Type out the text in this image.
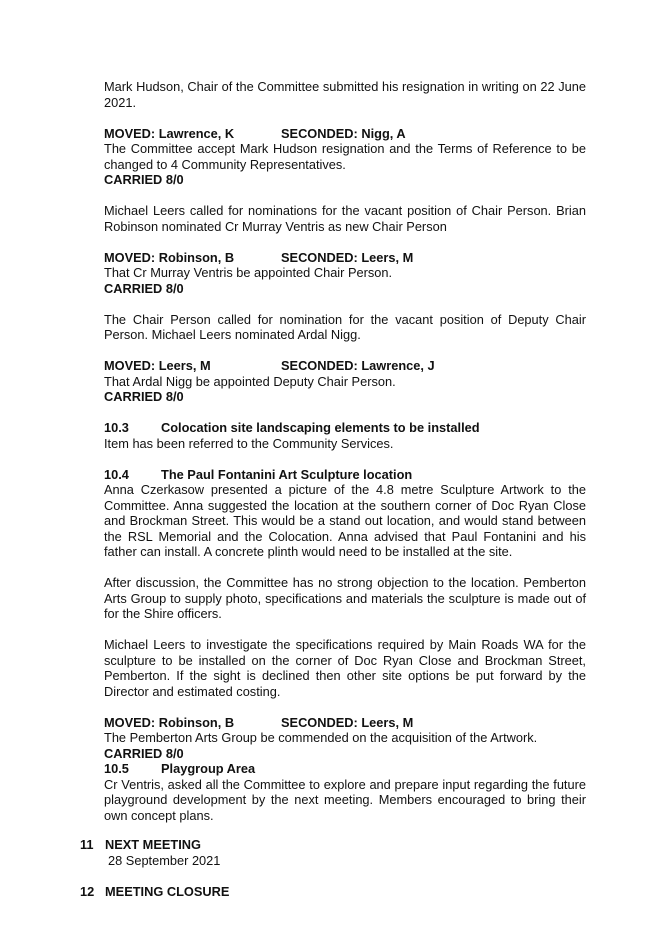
Mark Hudson, Chair of the Committee submitted his resignation in writing on 22 June 2021.

MOVED: Lawrence, K	SECONDED: Nigg, A

The Committee accept Mark Hudson resignation and the Terms of Reference to be changed to 4 Community Representatives.

CARRIED 8/0

Michael Leers called for nominations for the vacant position of Chair Person. Brian Robinson nominated Cr Murray Ventris as new Chair Person

MOVED: Robinson, B	SECONDED: Leers, M

That Cr Murray Ventris be appointed Chair Person.

CARRIED 8/0

The Chair Person called for nomination for the vacant position of Deputy Chair Person. Michael Leers nominated Ardal Nigg.

MOVED: Leers, M	SECONDED: Lawrence, J

That Ardal Nigg be appointed Deputy Chair Person.

CARRIED 8/0

10.3	Colocation site landscaping elements to be installed

Item has been referred to the Community Services.

10.4	The Paul Fontanini Art Sculpture location

Anna Czerkasow presented a picture of the 4.8 metre Sculpture Artwork to the Committee. Anna suggested the location at the southern corner of Doc Ryan Close and Brockman Street. This would be a stand out location, and would stand between the RSL Memorial and the Colocation. Anna advised that Paul Fontanini and his father can install. A concrete plinth would need to be installed at the site.

After discussion, the Committee has no strong objection to the location. Pemberton Arts Group to supply photo, specifications and materials the sculpture is made out of for the Shire officers.

Michael Leers to investigate the specifications required by Main Roads WA for the sculpture to be installed on the corner of Doc Ryan Close and Brockman Street, Pemberton. If the sight is declined then other site options be put forward by the Director and estimated costing.

MOVED: Robinson, B	SECONDED: Leers, M

The Pemberton Arts Group be commended on the acquisition of the Artwork.

CARRIED 8/0

10.5	Playgroup Area

Cr Ventris, asked all the Committee to explore and prepare input regarding the future playground development by the next meeting. Members encouraged to bring their own concept plans.

11 NEXT MEETING
28 September 2021
12 MEETING CLOSURE
